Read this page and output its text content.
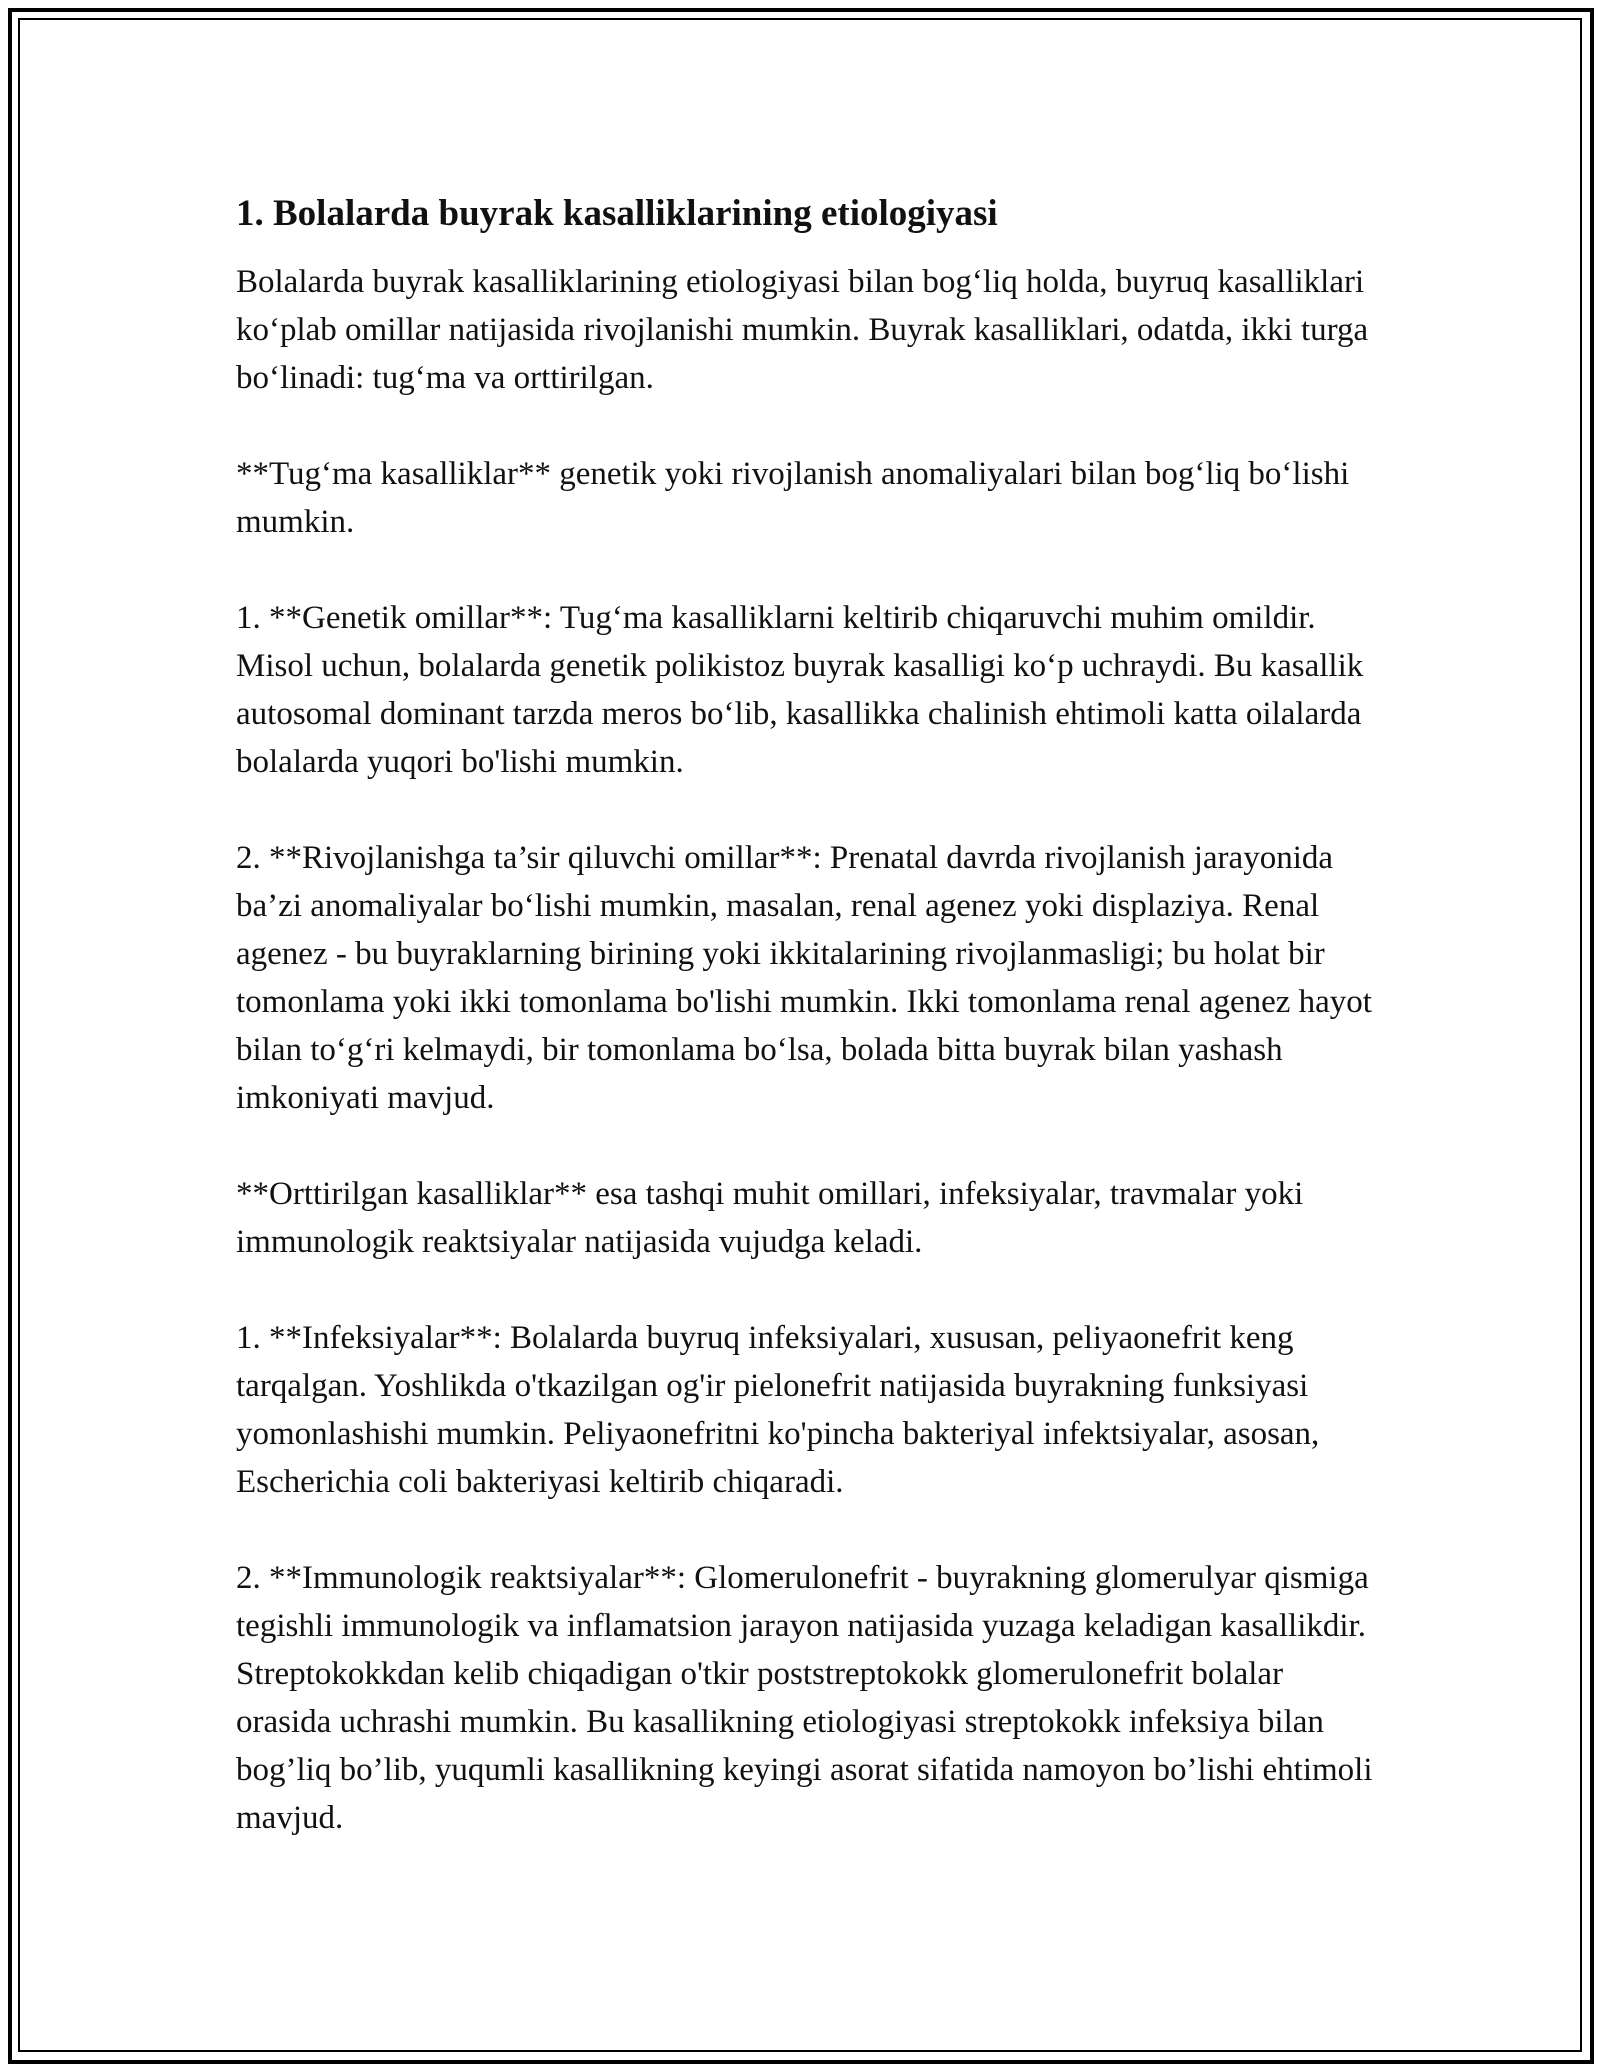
1. Bolalarda buyrak kasalliklarining etiologiyasi

Bolalarda buyrak kasalliklarining etiologiyasi bilan bog‘liq holda, buyruq kasalliklari ko‘plab omillar natijasida rivojlanishi mumkin. Buyrak kasalliklari, odatda, ikki turga bo‘linadi: tug‘ma va orttirilgan.

**Tug‘ma kasalliklar** genetik yoki rivojlanish anomaliyalari bilan bog‘liq bo‘lishi mumkin.

1. **Genetik omillar**: Tug‘ma kasalliklarni keltirib chiqaruvchi muhim omildir. Misol uchun, bolalarda genetik polikistoz buyrak kasalligi ko‘p uchraydi. Bu kasallik autosomal dominant tarzda meros bo‘lib, kasallikka chalinish ehtimoli katta oilalarda bolalarda yuqori bo'lishi mumkin.

2. **Rivojlanishga ta’sir qiluvchi omillar**: Prenatal davrda rivojlanish jarayonida ba’zi anomaliyalar bo‘lishi mumkin, masalan, renal agenez yoki displaziya. Renal agenez - bu buyraklarning birining yoki ikkitalarining rivojlanmasligi; bu holat bir tomonlama yoki ikki tomonlama bo'lishi mumkin. Ikki tomonlama renal agenez hayot bilan to‘g‘ri kelmaydi, bir tomonlama bo‘lsa, bolada bitta buyrak bilan yashash imkoniyati mavjud.

**Orttirilgan kasalliklar** esa tashqi muhit omillari, infeksiyalar, travmalar yoki immunologik reaktsiyalar natijasida vujudga keladi.

1. **Infeksiyalar**: Bolalarda buyruq infeksiyalari, xususan, peliyaonefrit keng tarqalgan. Yoshlikda o'tkazilgan og'ir pielonefrit natijasida buyrakning funksiyasi yomonlashishi mumkin. Peliyaonefritni ko'pincha bakteriyal infektsiyalar, asosan, Escherichia coli bakteriyasi keltirib chiqaradi.

2. **Immunologik reaktsiyalar**: Glomerulonefrit - buyrakning glomerulyar qismiga tegishli immunologik va inflamatsion jarayon natijasida yuzaga keladigan kasallikdir. Streptokokkdan kelib chiqadigan o'tkir poststreptokokk glomerulonefrit bolalar orasida uchrashi mumkin. Bu kasallikning etiologiyasi streptokokk infeksiya bilan bog’liq bo’lib, yuqumli kasallikning keyingi asorat sifatida namoyon bo’lishi ehtimoli mavjud.
